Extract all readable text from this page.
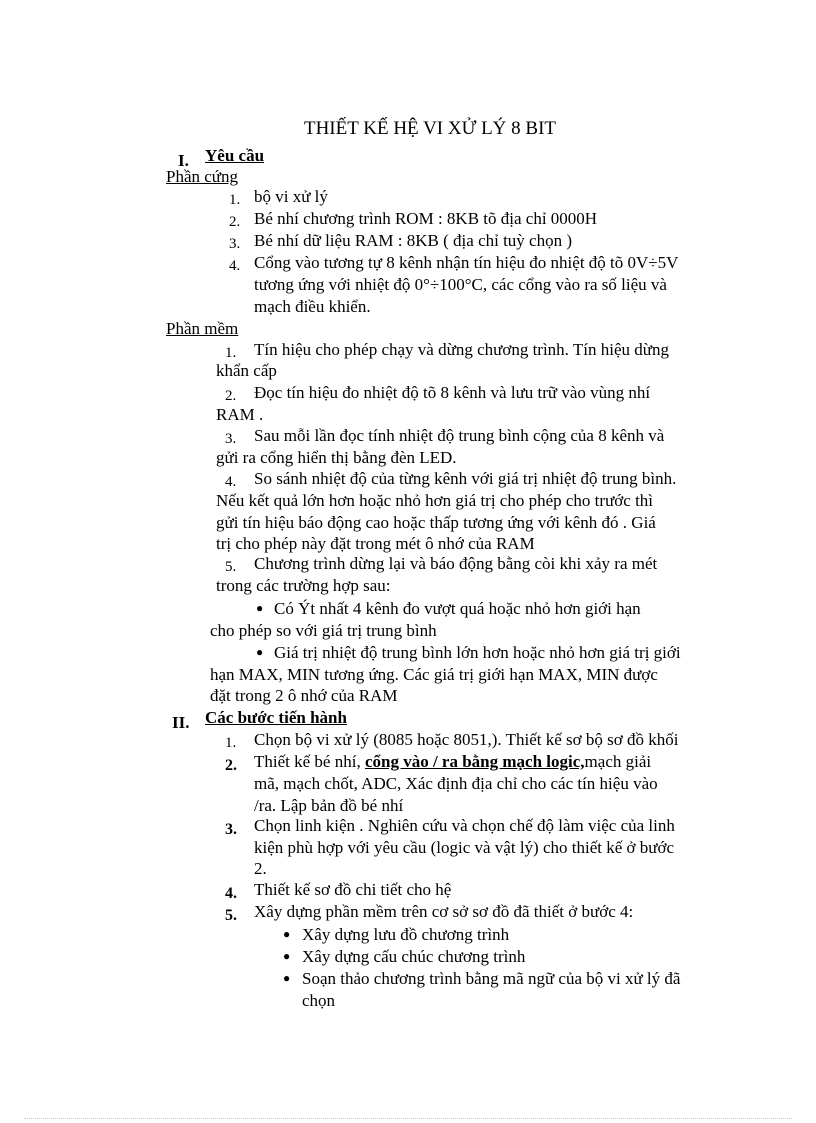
THIẾT KẾ HỆ VI XỬ LÝ 8 BIT
I. Yêu cầu
Phần cứng
1. bộ vi xử lý
2. Bé nhí chương trình ROM : 8KB tõ địa chỉ 0000H
3. Bé nhí dữ liệu RAM : 8KB ( địa chỉ tuỳ chọn )
4. Cổng vào tương tự 8 kênh nhận tín hiệu đo nhiệt độ tõ 0V÷5V
tương ứng với nhiệt độ 0°÷100°C, các cổng vào ra số liệu và
mạch điều khiển.
Phần mềm
1. Tín hiệu cho phép chạy và dừng chương trình. Tín hiệu dừng
khẩn cấp
2. Đọc tín hiệu đo nhiệt độ tõ 8 kênh và lưu trữ vào vùng nhí
RAM .
3. Sau mỗi lần đọc tính nhiệt độ trung bình cộng của 8 kênh và
gửi ra cổng hiển thị bằng đèn LED.
4. So sánh nhiệt độ của từng kênh với giá trị nhiệt độ trung bình.
Nếu kết quả lớn hơn hoặc nhỏ hơn giá trị cho phép cho trước thì
gửi tín hiệu báo động cao hoặc thấp tương ứng với kênh đó . Giá
trị cho phép này đặt trong mét ô nhớ của RAM
5. Chương trình dừng lại và báo động bằng còi khi xảy ra mét
trong các trường hợp sau:
● Có Ýt nhất 4 kênh đo vượt quá hoặc nhỏ hơn giới hạn
cho phép so với giá trị trung bình
● Giá trị nhiệt độ trung bình lớn hơn hoặc nhỏ hơn giá trị giới
hạn MAX, MIN tương ứng. Các giá trị giới hạn MAX, MIN được
đặt trong 2 ô nhớ của RAM
II. Các bước tiến hành
1. Chọn bộ vi xử lý (8085 hoặc 8051,). Thiết kế sơ bộ sơ đồ khối
2. Thiết kế bé nhí, cổng vào / ra bằng mạch logic,mạch giải
mã, mạch chốt, ADC, Xác định địa chỉ cho các tín hiệu vào
/ra. Lập bản đồ bé nhí
3. Chọn linh kiện . Nghiên cứu và chọn chế độ làm việc của linh
kiện phù hợp với yêu cầu (logic và vật lý) cho thiết kế ở bước
2.
4. Thiết kế sơ đồ chi tiết cho hệ
5. Xây dựng phần mềm trên cơ sở sơ đồ đã thiết ở bước 4:
● Xây dựng lưu đồ chương trình
● Xây dựng cấu chúc chương trình
● Soạn thảo chương trình bằng mã ngữ của bộ vi xử lý đã
chọn
